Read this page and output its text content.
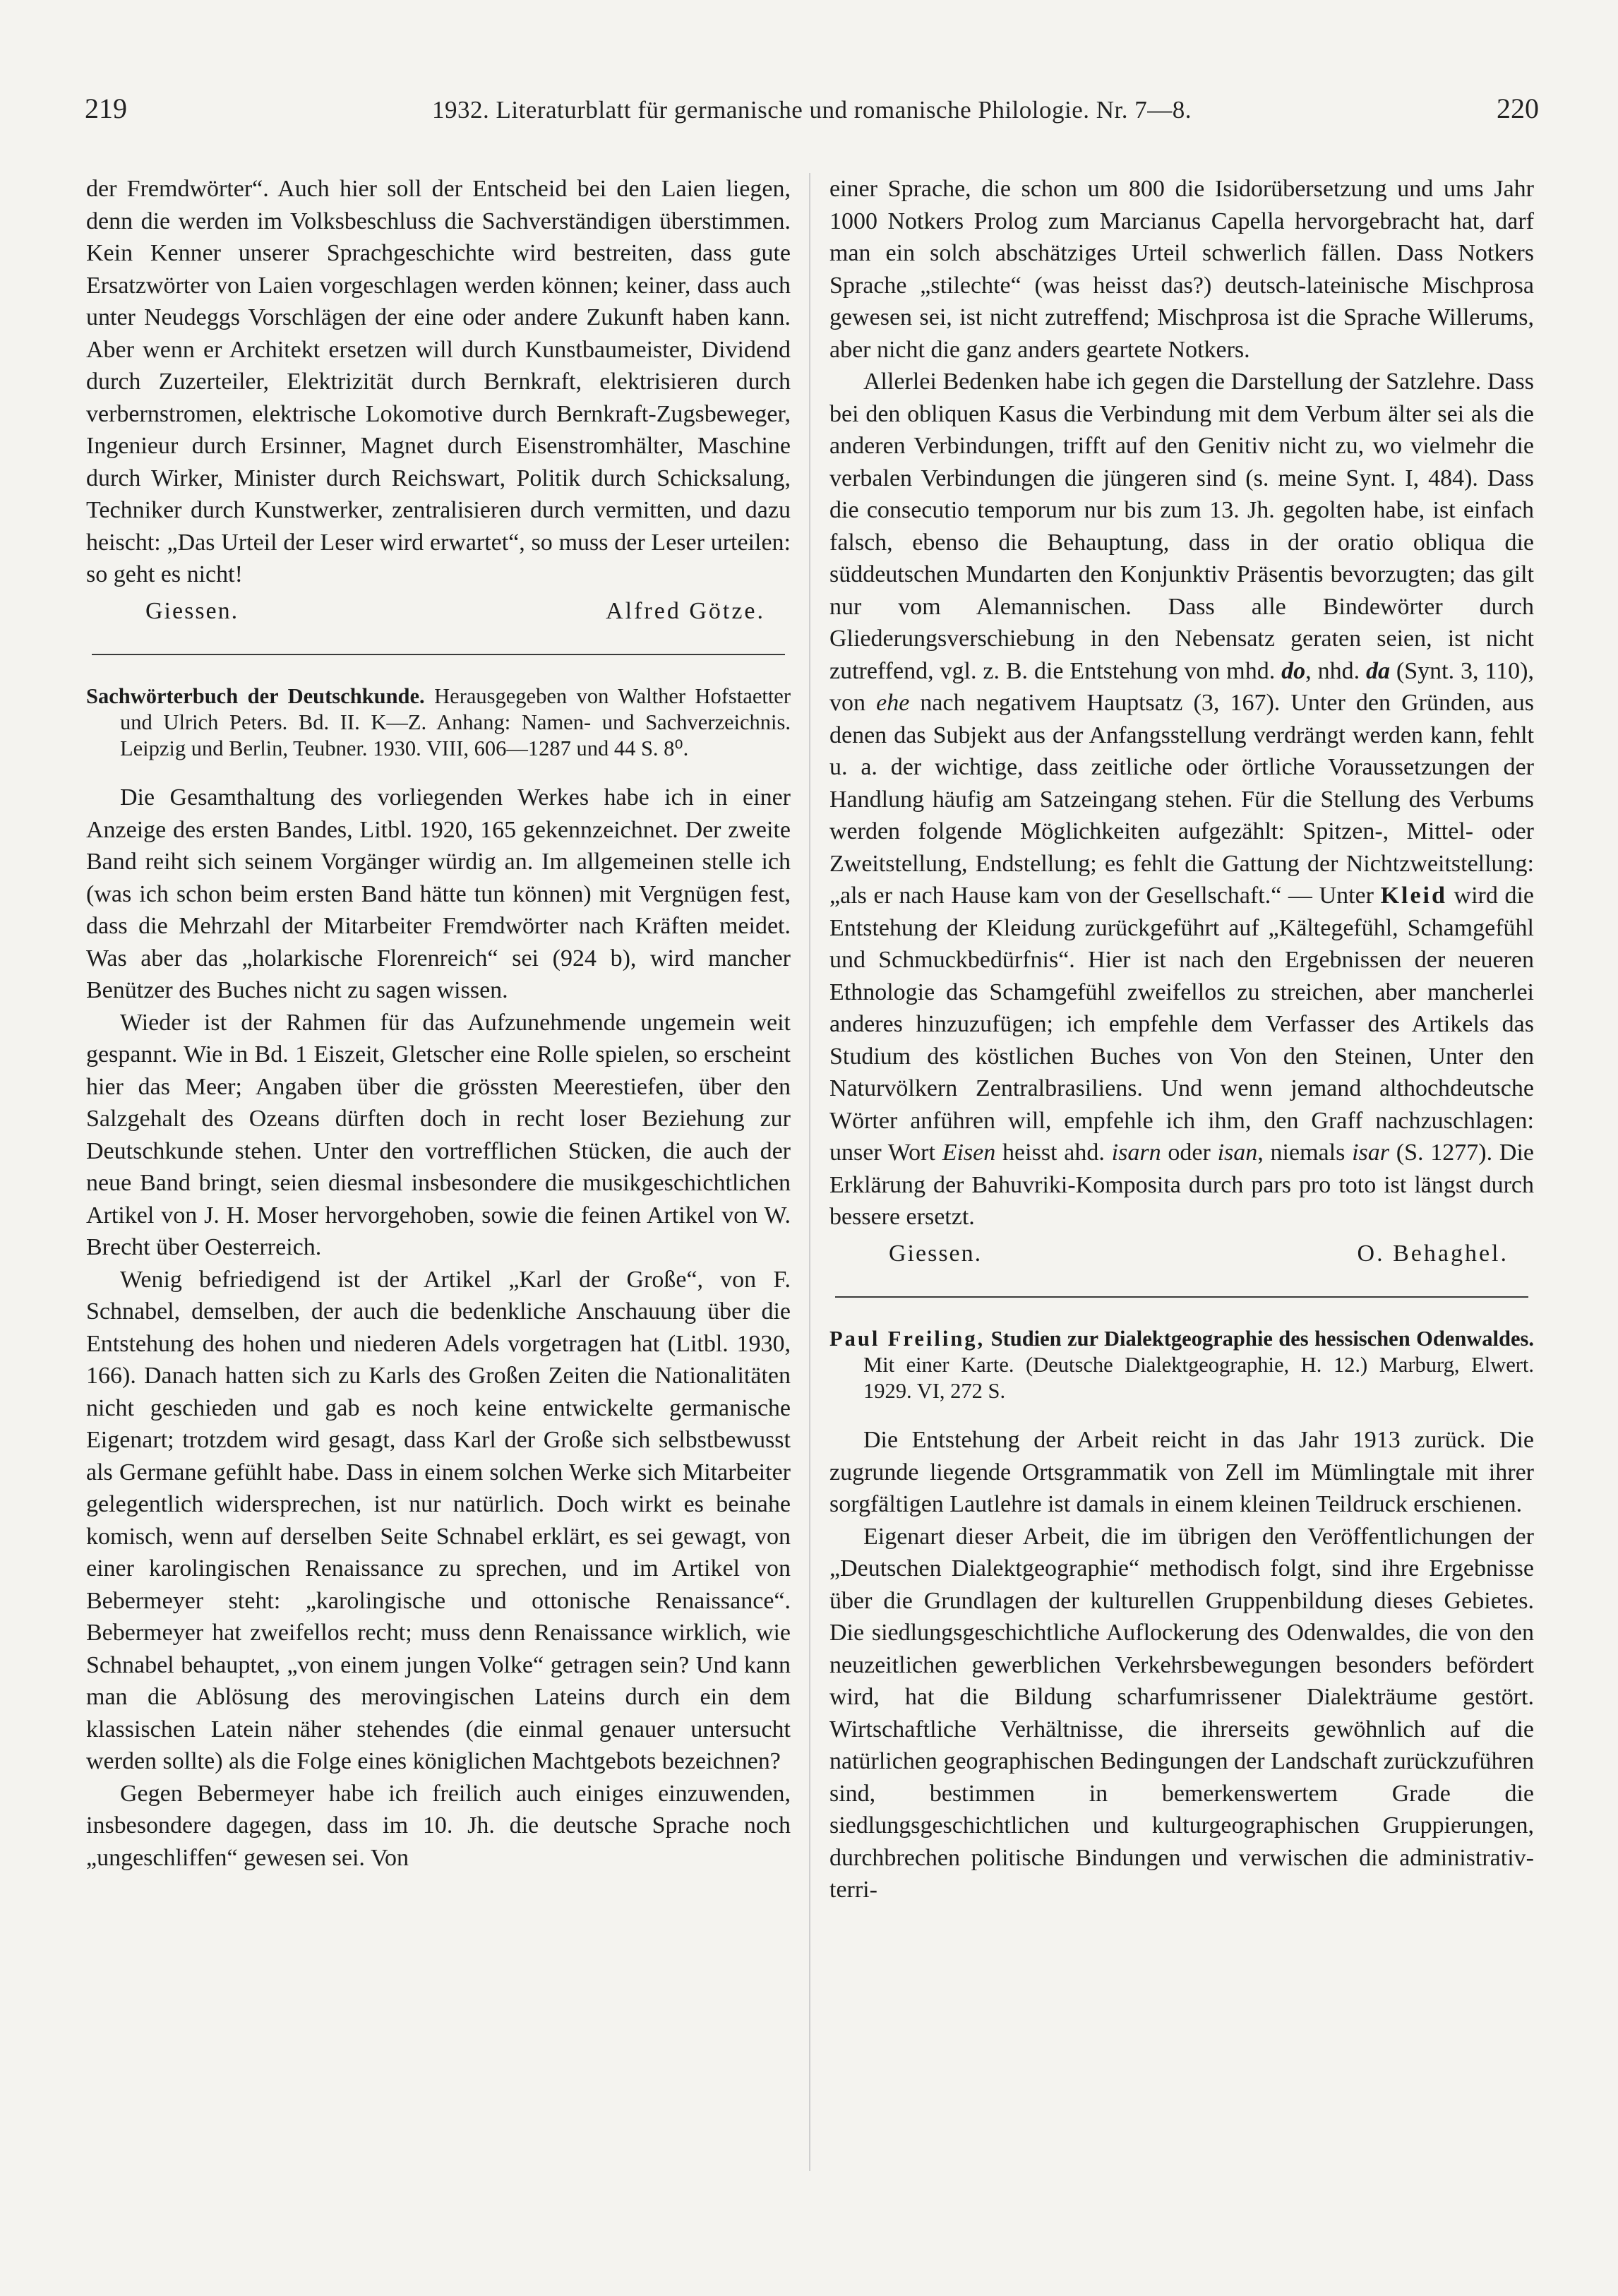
219	1932. Literaturblatt für germanische und romanische Philologie. Nr. 7—8.	220

der Fremdwörter“. Auch hier soll der Entscheid bei den Laien liegen, denn die werden im Volksbeschluss die Sachverständigen überstimmen. Kein Kenner unserer Sprachgeschichte wird bestreiten, dass gute Ersatzwörter von Laien vorgeschlagen werden können; keiner, dass auch unter Neudeggs Vorschlägen der eine oder andere Zukunft haben kann. Aber wenn er Architekt ersetzen will durch Kunstbaumeister, Dividend durch Zuzerteiler, Elektrizität durch Bernkraft, elektrisieren durch verbernstromen, elektrische Lokomotive durch Bernkraft-Zugsbeweger, Ingenieur durch Ersinner, Magnet durch Eisenstromhälter, Maschine durch Wirker, Minister durch Reichswart, Politik durch Schicksalung, Techniker durch Kunstwerker, zentralisieren durch vermitten, und dazu heischt: „Das Urteil der Leser wird erwartet“, so muss der Leser urteilen: so geht es nicht!

Giessen.	Alfred Götze.
Sachwörterbuch der Deutschkunde. Herausgegeben von Walther Hofstaetter und Ulrich Peters. Bd. II. K—Z. Anhang: Namen- und Sachverzeichnis. Leipzig und Berlin, Teubner. 1930. VIII, 606—1287 und 44 S. 8⁰.

Die Gesamthaltung des vorliegenden Werkes habe ich in einer Anzeige des ersten Bandes, Litbl. 1920, 165 gekennzeichnet. Der zweite Band reiht sich seinem Vorgänger würdig an. Im allgemeinen stelle ich (was ich schon beim ersten Band hätte tun können) mit Vergnügen fest, dass die Mehrzahl der Mitarbeiter Fremdwörter nach Kräften meidet. Was aber das „holarkische Florenreich“ sei (924 b), wird mancher Benützer des Buches nicht zu sagen wissen.

Wieder ist der Rahmen für das Aufzunehmende ungemein weit gespannt. Wie in Bd. 1 Eiszeit, Gletscher eine Rolle spielen, so erscheint hier das Meer; Angaben über die grössten Meerestiefen, über den Salzgehalt des Ozeans dürften doch in recht loser Beziehung zur Deutschkunde stehen. Unter den vortrefflichen Stücken, die auch der neue Band bringt, seien diesmal insbesondere die musikgeschichtlichen Artikel von J. H. Moser hervorgehoben, sowie die feinen Artikel von W. Brecht über Oesterreich.

Wenig befriedigend ist der Artikel „Karl der Große“, von F. Schnabel, demselben, der auch die bedenkliche Anschauung über die Entstehung des hohen und niederen Adels vorgetragen hat (Litbl. 1930, 166). Danach hatten sich zu Karls des Großen Zeiten die Nationalitäten nicht geschieden und gab es noch keine entwickelte germanische Eigenart; trotzdem wird gesagt, dass Karl der Große sich selbstbewusst als Germane gefühlt habe. Dass in einem solchen Werke sich Mitarbeiter gelegentlich widersprechen, ist nur natürlich. Doch wirkt es beinahe komisch, wenn auf derselben Seite Schnabel erklärt, es sei gewagt, von einer karolingischen Renaissance zu sprechen, und im Artikel von Bebermeyer steht: „karolingische und ottonische Renaissance“. Bebermeyer hat zweifellos recht; muss denn Renaissance wirklich, wie Schnabel behauptet, „von einem jungen Volke“ getragen sein? Und kann man die Ablösung des merovingischen Lateins durch ein dem klassischen Latein näher stehendes (die einmal genauer untersucht werden sollte) als die Folge eines königlichen Machtgebots bezeichnen?

Gegen Bebermeyer habe ich freilich auch einiges einzuwenden, insbesondere dagegen, dass im 10. Jh. die deutsche Sprache noch „ungeschliffen“ gewesen sei. Von

einer Sprache, die schon um 800 die Isidorübersetzung und ums Jahr 1000 Notkers Prolog zum Marcianus Capella hervorgebracht hat, darf man ein solch abschätziges Urteil schwerlich fällen. Dass Notkers Sprache „stilechte“ (was heisst das?) deutsch-lateinische Mischprosa gewesen sei, ist nicht zutreffend; Mischprosa ist die Sprache Willerums, aber nicht die ganz anders geartete Notkers.

Allerlei Bedenken habe ich gegen die Darstellung der Satzlehre. Dass bei den obliquen Kasus die Verbindung mit dem Verbum älter sei als die anderen Verbindungen, trifft auf den Genitiv nicht zu, wo vielmehr die verbalen Verbindungen die jüngeren sind (s. meine Synt. I, 484). Dass die consecutio temporum nur bis zum 13. Jh. gegolten habe, ist einfach falsch, ebenso die Behauptung, dass in der oratio obliqua die süddeutschen Mundarten den Konjunktiv Präsentis bevorzugten; das gilt nur vom Alemannischen. Dass alle Bindewörter durch Gliederungsverschiebung in den Nebensatz geraten seien, ist nicht zutreffend, vgl. z. B. die Entstehung von mhd. do, nhd. da (Synt. 3, 110), von ehe nach negativem Hauptsatz (3, 167). Unter den Gründen, aus denen das Subjekt aus der Anfangsstellung verdrängt werden kann, fehlt u. a. der wichtige, dass zeitliche oder örtliche Voraussetzungen der Handlung häufig am Satzeingang stehen. Für die Stellung des Verbums werden folgende Möglichkeiten aufgezählt: Spitzen-, Mittel- oder Zweitstellung, Endstellung; es fehlt die Gattung der Nichtzweitstellung: „als er nach Hause kam von der Gesellschaft.“ — Unter Kleid wird die Entstehung der Kleidung zurückgeführt auf „Kältegefühl, Schamgefühl und Schmuckbedürfnis“. Hier ist nach den Ergebnissen der neueren Ethnologie das Schamgefühl zweifellos zu streichen, aber mancherlei anderes hinzuzufügen; ich empfehle dem Verfasser des Artikels das Studium des köstlichen Buches von Von den Steinen, Unter den Naturvölkern Zentralbrasiliens. Und wenn jemand althochdeutsche Wörter anführen will, empfehle ich ihm, den Graff nachzuschlagen: unser Wort Eisen heisst ahd. isarn oder isan, niemals isar (S. 1277). Die Erklärung der Bahuvriki-Komposita durch pars pro toto ist längst durch bessere ersetzt.

Giessen.	O. Behaghel.
Paul Freiling, Studien zur Dialektgeographie des hessischen Odenwaldes. Mit einer Karte. (Deutsche Dialektgeographie, H. 12.) Marburg, Elwert. 1929. VI, 272 S.

Die Entstehung der Arbeit reicht in das Jahr 1913 zurück. Die zugrunde liegende Ortsgrammatik von Zell im Mümlingtale mit ihrer sorgfältigen Lautlehre ist damals in einem kleinen Teildruck erschienen.

Eigenart dieser Arbeit, die im übrigen den Veröffentlichungen der „Deutschen Dialektgeographie“ methodisch folgt, sind ihre Ergebnisse über die Grundlagen der kulturellen Gruppenbildung dieses Gebietes. Die siedlungsgeschichtliche Auflockerung des Odenwaldes, die von den neuzeitlichen gewerblichen Verkehrsbewegungen besonders befördert wird, hat die Bildung scharfumrissener Dialekträume gestört. Wirtschaftliche Verhältnisse, die ihrerseits gewöhnlich auf die natürlichen geographischen Bedingungen der Landschaft zurückzuführen sind, bestimmen in bemerkenswertem Grade die siedlungsgeschichtlichen und kulturgeographischen Gruppierungen, durchbrechen politische Bindungen und verwischen die administrativ-terri-
